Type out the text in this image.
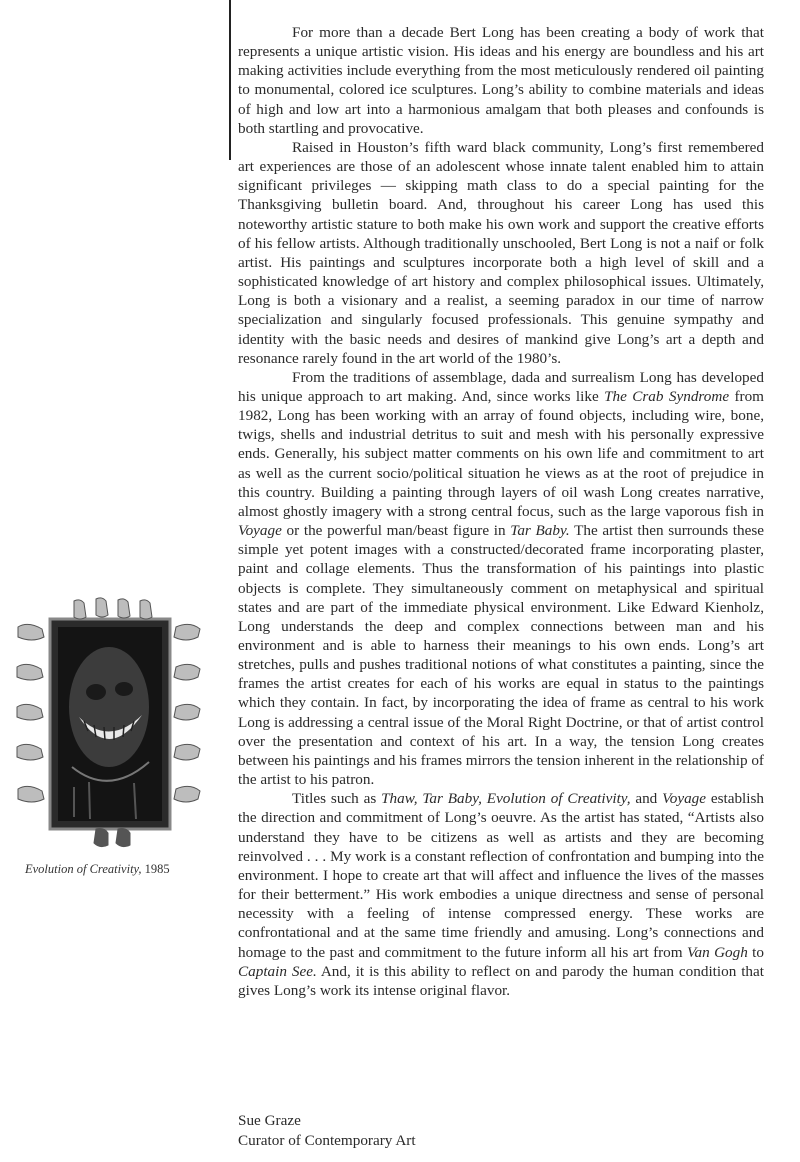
Evolution of Creativity, 1985

For more than a decade Bert Long has been creating a body of work that represents a unique artistic vision. His ideas and his energy are boundless and his art making activities include everything from the most meticulously rendered oil painting to monumental, colored ice sculptures. Long’s ability to combine materials and ideas of high and low art into a harmonious amalgam that both pleases and confounds is both startling and provocative.

Raised in Houston’s fifth ward black community, Long’s first remembered art experiences are those of an adolescent whose innate talent enabled him to attain significant privileges — skipping math class to do a special painting for the Thanksgiving bulletin board. And, throughout his career Long has used this noteworthy artistic stature to both make his own work and support the creative efforts of his fellow artists. Although traditionally unschooled, Bert Long is not a naif or folk artist. His paintings and sculptures incorporate both a high level of skill and a sophisticated knowledge of art history and complex philosophical issues. Ultimately, Long is both a visionary and a realist, a seeming paradox in our time of narrow specialization and singularly focused professionals. This genuine sympathy and identity with the basic needs and desires of mankind give Long’s art a depth and resonance rarely found in the art world of the 1980’s.

From the traditions of assemblage, dada and surrealism Long has developed his unique approach to art making. And, since works like The Crab Syndrome from 1982, Long has been working with an array of found objects, including wire, bone, twigs, shells and industrial detritus to suit and mesh with his personally expressive ends. Generally, his subject matter comments on his own life and commitment to art as well as the current socio/political situation he views as at the root of prejudice in this country. Building a painting through layers of oil wash Long creates narrative, almost ghostly imagery with a strong central focus, such as the large vaporous fish in Voyage or the powerful man/beast figure in Tar Baby. The artist then surrounds these simple yet potent images with a constructed/decorated frame incorporating plaster, paint and collage elements. Thus the transformation of his paintings into plastic objects is complete. They simultaneously comment on metaphysical and spiritual states and are part of the immediate physical environment. Like Edward Kienholz, Long understands the deep and complex connections between man and his environment and is able to harness their meanings to his own ends. Long’s art stretches, pulls and pushes traditional notions of what constitutes a painting, since the frames the artist creates for each of his works are equal in status to the paintings which they contain. In fact, by incorporating the idea of frame as central to his work Long is addressing a central issue of the Moral Right Doctrine, or that of artist control over the presentation and context of his art. In a way, the tension Long creates between his paintings and his frames mirrors the tension inherent in the relationship of the artist to his patron.

Titles such as Thaw, Tar Baby, Evolution of Creativity, and Voyage establish the direction and commitment of Long’s oeuvre. As the artist has stated, “Artists also understand they have to be citizens as well as artists and they are becoming reinvolved . . . My work is a constant reflection of confrontation and bumping into the environment. I hope to create art that will affect and influence the lives of the masses for their betterment.” His work embodies a unique directness and sense of personal necessity with a feeling of intense compressed energy. These works are confrontational and at the same time friendly and amusing. Long’s connections and homage to the past and commitment to the future inform all his art from Van Gogh to Captain See. And, it is this ability to reflect on and parody the human condition that gives Long’s work its intense original flavor.

Sue Graze
Curator of Contemporary Art
